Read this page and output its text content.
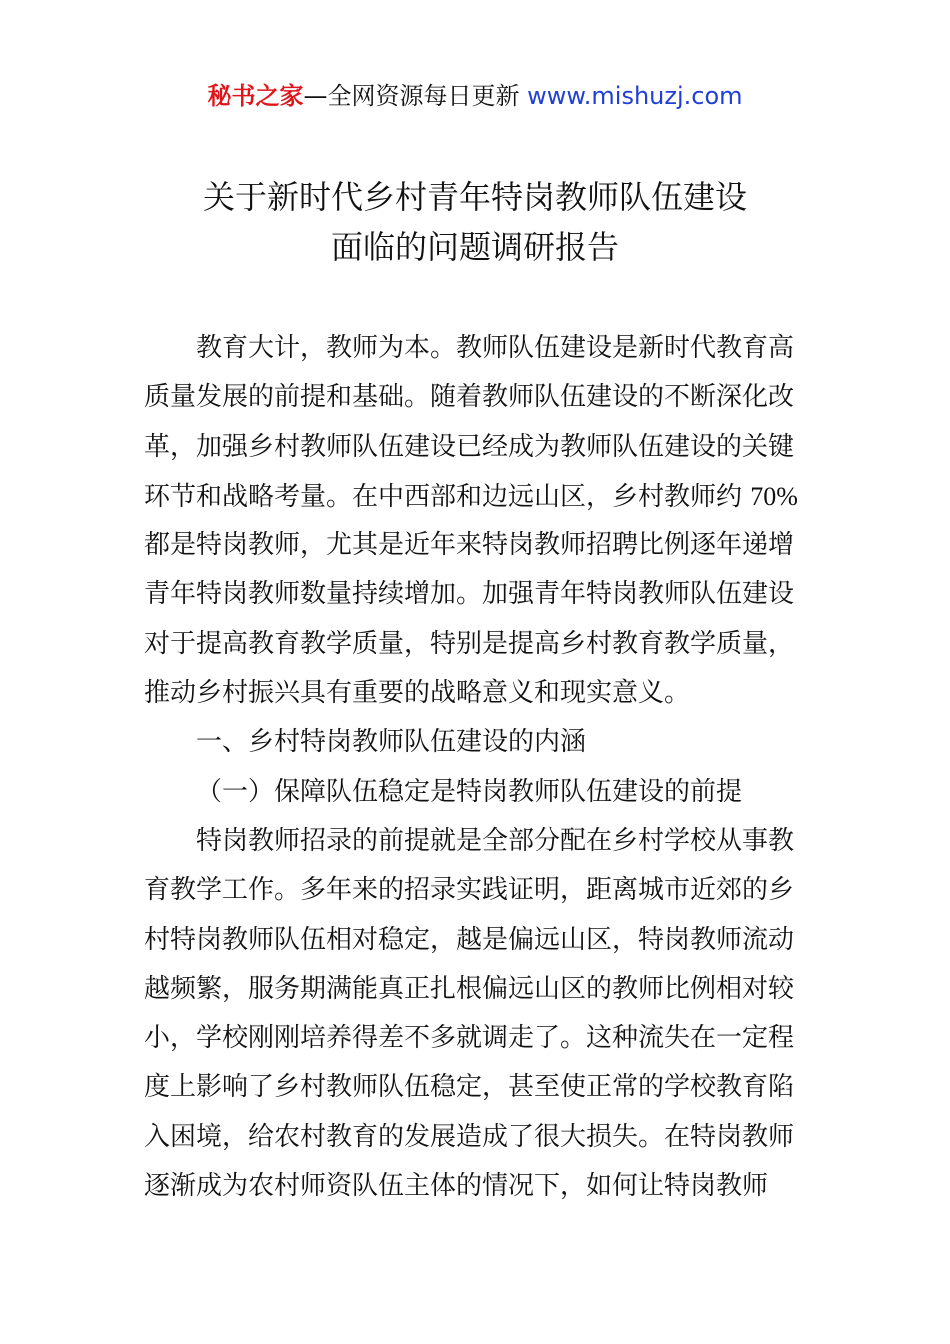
秘书之家—全网资源每日更新 www.mishuzj.com
关于新时代乡村青年特岗教师队伍建设
面临的问题调研报告
教育大计，教师为本。教师队伍建设是新时代教育高
质量发展的前提和基础。随着教师队伍建设的不断深化改
革，加强乡村教师队伍建设已经成为教师队伍建设的关键
环节和战略考量。在中西部和边远山区，乡村教师约 70%
都是特岗教师，尤其是近年来特岗教师招聘比例逐年递增
青年特岗教师数量持续增加。加强青年特岗教师队伍建设
对于提高教育教学质量，特别是提高乡村教育教学质量，
推动乡村振兴具有重要的战略意义和现实意义。
一、乡村特岗教师队伍建设的内涵
（一）保障队伍稳定是特岗教师队伍建设的前提
特岗教师招录的前提就是全部分配在乡村学校从事教
育教学工作。多年来的招录实践证明，距离城市近郊的乡
村特岗教师队伍相对稳定，越是偏远山区，特岗教师流动
越频繁，服务期满能真正扎根偏远山区的教师比例相对较
小，学校刚刚培养得差不多就调走了。这种流失在一定程
度上影响了乡村教师队伍稳定，甚至使正常的学校教育陷
入困境，给农村教育的发展造成了很大损失。在特岗教师
逐渐成为农村师资队伍主体的情况下，如何让特岗教师
